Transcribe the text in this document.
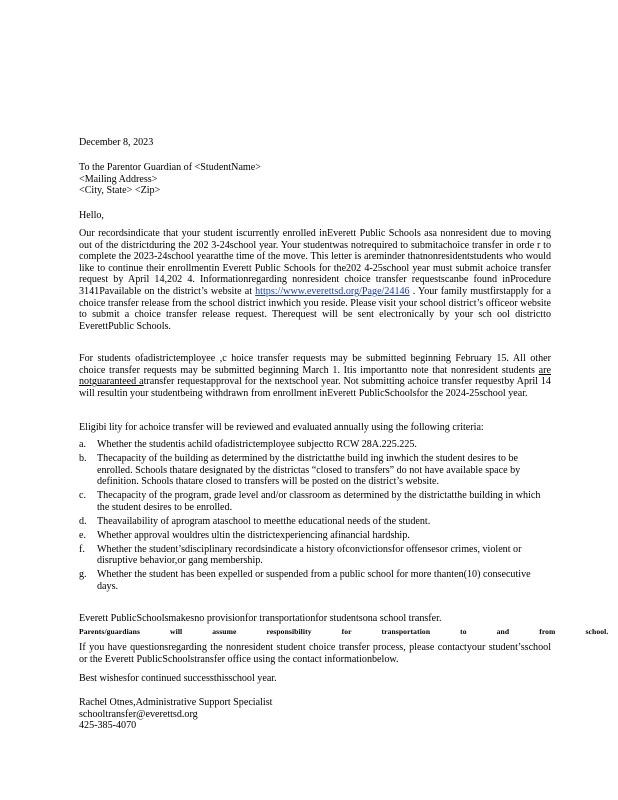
December 8, 2023

To the Parentor Guardian of <StudentName>
<Mailing Address>
<City, State> <Zip>

Hello,

Our recordsindicate that your student iscurrently enrolled inEverett Public Schools asa nonresident due to moving out of the districtduring the 202 3-24school year. Your studentwas notrequired to submitachoice transfer in orde r to complete the 2023-24school yearatthe time of the move. This letter is areminder thatnonresidentstudents who would like to continue their enrollmentin Everett Public Schools for the202 4-25school year must submit achoice transfer request by April 14,202 4. Informationregarding nonresident choice transfer requestscanbe found inProcedure 3141Pavailable on the district’s website at https://www.everettsd.org/Page/24146 . Your family mustfirstapply for a choice transfer release from the school district inwhich you reside. Please visit your school district’s officeor website to submit a choice transfer release request. Therequest will be sent electronically by your sch ool districtto EverettPublic Schools.

For students ofadistrictemployee ,c hoice transfer requests may be submitted beginning February 15. All other choice transfer requests may be submitted beginning March 1. Itis importantto note that nonresident students are notguaranteed atransfer requestapproval for the nextschool year. Not submitting achoice transfer requestby April 14 will resultin your studentbeing withdrawn from enrollment inEverett PublicSchoolsfor the 2024-25school year.

Eligibi lity for achoice transfer will be reviewed and evaluated annually using the following criteria:

a. Whether the studentis achild ofadistrictemployee subjectto RCW 28A.225.225.
b. Thecapacity of the building as determined by the districtatthe build ing inwhich the student desires to be enrolled. Schools thatare designated by the districtas “closed to transfers” do not have available space by definition. Schools thatare closed to transfers will be posted on the district’s website.
c. Thecapacity of the program, grade level and/or classroom as determined by the districtatthe building in which the student desires to be enrolled.
d. Theavailability of aprogram ataschool to meetthe educational needs of the student.
e. Whether approval wouldres ultin the districtexperiencing afinancial hardship.
f. Whether the student’sdisciplinary recordsindicate a history ofconvictionsfor offensesor crimes, violent or disruptive behavior,or gang membership.
g. Whether the student has been expelled or suspended from a public school for more thanten(10) consecutive days.

Everett PublicSchoolsmakesno provisionfor transportationfor studentsona school transfer.

Parents/guardians will assume responsibility for transportation to and from school.

If you have questionsregarding the nonresident student choice transfer process, please contactyour student’sschool or the Everett PublicSchoolstransfer office using the contact informationbelow.

Best wishesfor continued successthisschool year.

Rachel Otnes,Administrative Support Specialist
schooltransfer@everettsd.org
425-385-4070
